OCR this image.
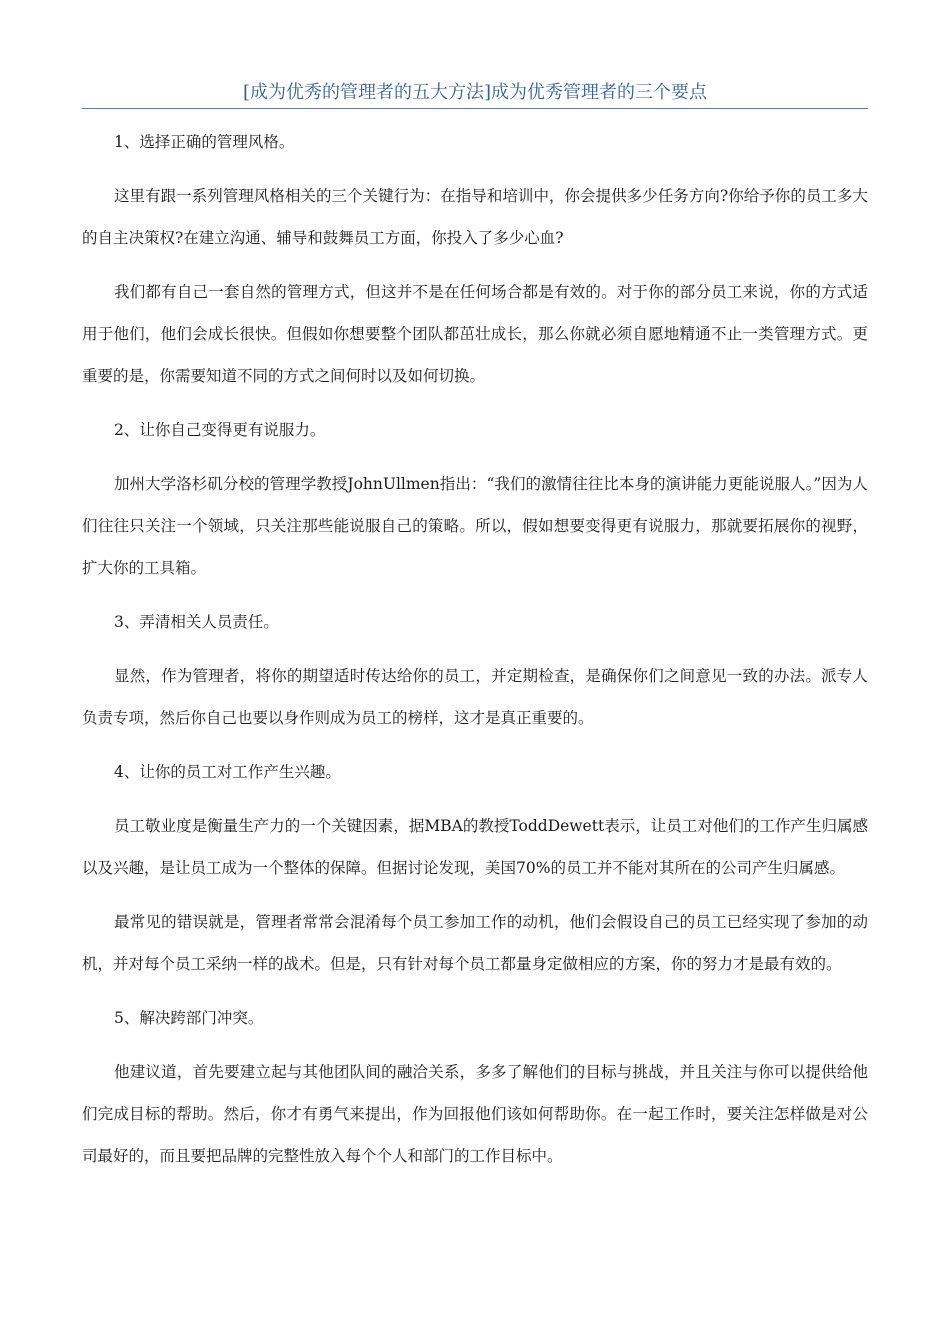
[成为优秀的管理者的五大方法]成为优秀管理者的三个要点

1、选择正确的管理风格。

这里有跟一系列管理风格相关的三个关键行为：在指导和培训中，你会提供多少任务方向?你给予你的员工多大的自主决策权?在建立沟通、辅导和鼓舞员工方面，你投入了多少心血?

我们都有自己一套自然的管理方式，但这并不是在任何场合都是有效的。对于你的部分员工来说，你的方式适用于他们，他们会成长很快。但假如你想要整个团队都茁壮成长，那么你就必须自愿地精通不止一类管理方式。更重要的是，你需要知道不同的方式之间何时以及如何切换。

2、让你自己变得更有说服力。

加州大学洛杉矶分校的管理学教授JohnUllmen指出：“我们的激情往往比本身的演讲能力更能说服人。”因为人们往往只关注一个领域，只关注那些能说服自己的策略。所以，假如想要变得更有说服力，那就要拓展你的视野，扩大你的工具箱。

3、弄清相关人员责任。

显然，作为管理者，将你的期望适时传达给你的员工，并定期检查，是确保你们之间意见一致的办法。派专人负责专项，然后你自己也要以身作则成为员工的榜样，这才是真正重要的。

4、让你的员工对工作产生兴趣。

员工敬业度是衡量生产力的一个关键因素，据MBA的教授ToddDewett表示，让员工对他们的工作产生归属感以及兴趣，是让员工成为一个整体的保障。但据讨论发现，美国70%的员工并不能对其所在的公司产生归属感。

最常见的错误就是，管理者常常会混淆每个员工参加工作的动机，他们会假设自己的员工已经实现了参加的动机，并对每个员工采纳一样的战术。但是，只有针对每个员工都量身定做相应的方案，你的努力才是最有效的。

5、解决跨部门冲突。

他建议道，首先要建立起与其他团队间的融洽关系，多多了解他们的目标与挑战，并且关注与你可以提供给他们完成目标的帮助。然后，你才有勇气来提出，作为回报他们该如何帮助你。在一起工作时，要关注怎样做是对公司最好的，而且要把品牌的完整性放入每个个人和部门的工作目标中。
